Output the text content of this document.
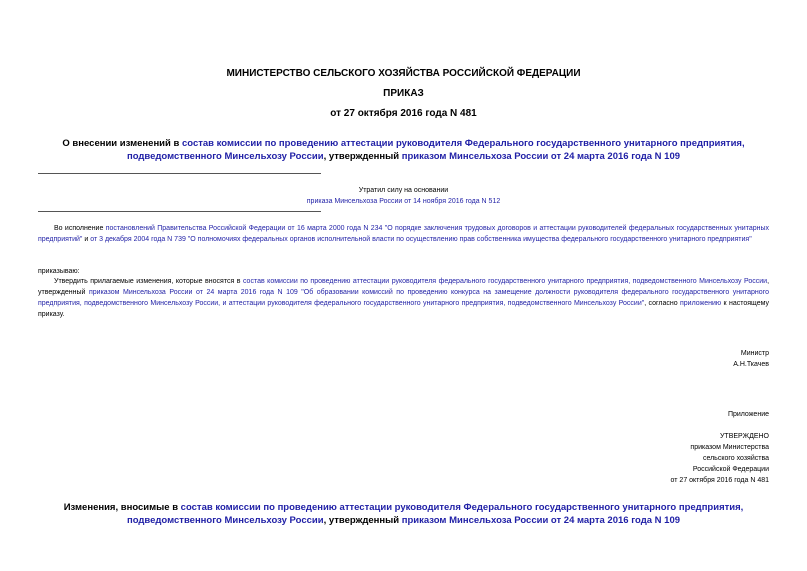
МИНИСТЕРСТВО СЕЛЬСКОГО ХОЗЯЙСТВА РОССИЙСКОЙ ФЕДЕРАЦИИ
ПРИКАЗ
от 27 октября 2016 года N 481
О внесении изменений в состав комиссии по проведению аттестации руководителя Федерального государственного унитарного предприятия, подведомственного Минсельхозу России, утвержденный приказом Минсельхоза России от 24 марта 2016 года N 109
Утратил силу на основании
приказа Минсельхоза России от 14 ноября 2016 года N 512
Во исполнение постановлений Правительства Российской Федерации от 16 марта 2000 года N 234 "О порядке заключения трудовых договоров и аттестации руководителей федеральных государственных унитарных предприятий" и от 3 декабря 2004 года N 739 "О полномочиях федеральных органов исполнительной власти по осуществлению прав собственника имущества федерального государственного унитарного предприятия"
приказываю:
Утвердить прилагаемые изменения, которые вносятся в состав комиссии по проведению аттестации руководителя федерального государственного унитарного предприятия, подведомственного Минсельхозу России, утвержденный приказом Минсельхоза России от 24 марта 2016 года N 109 "Об образовании комиссий по проведению конкурса на замещение должности руководителя федерального государственного унитарного предприятия, подведомственного Минсельхозу России, и аттестации руководителя федерального государственного унитарного предприятия, подведомственного Минсельхозу России", согласно приложению к настоящему приказу.
Министр
А.Н.Ткачев
Приложение
УТВЕРЖДЕНО
приказом Министерства
сельского хозяйства
Российской Федерации
от 27 октября 2016 года N 481
Изменения, вносимые в состав комиссии по проведению аттестации руководителя Федерального государственного унитарного предприятия, подведомственного Минсельхозу России, утвержденный приказом Минсельхоза России от 24 марта 2016 года N 109
